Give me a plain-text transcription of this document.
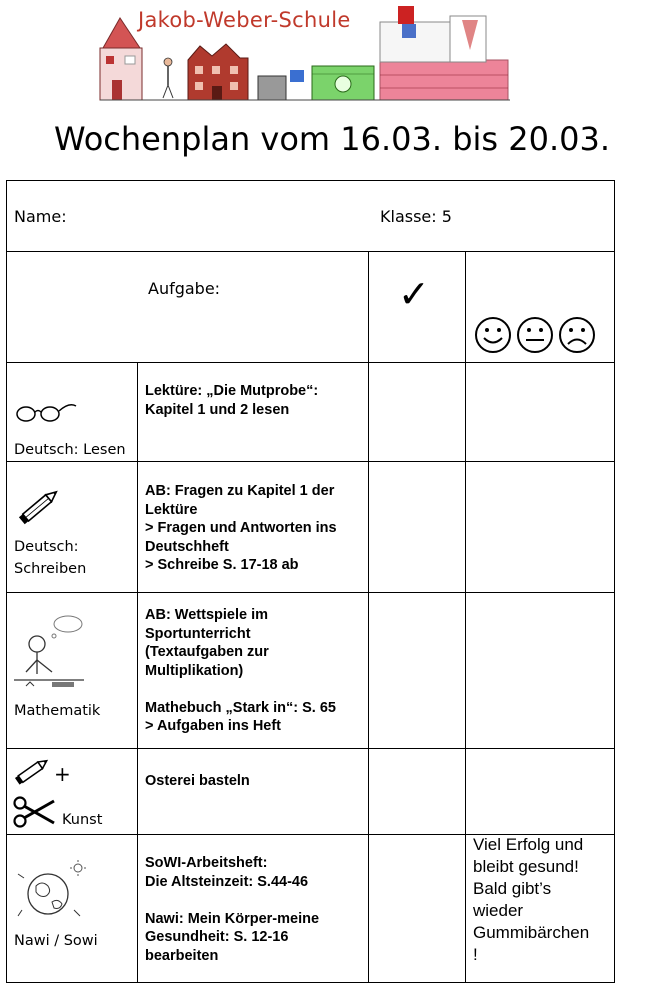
Jakob-Weber-Schule
Wochenplan vom 16.03. bis 20.03.
Name:	Klasse: 5
Aufgabe:	✓
Deutsch: Lesen
Lektüre: „Die Mutprobe“:
Kapitel 1 und 2 lesen
Deutsch:
Schreiben
AB: Fragen zu Kapitel 1 der
Lektüre
> Fragen und Antworten ins
Deutschheft
> Schreibe S. 17-18 ab
Mathematik
AB: Wettspiele im
Sportunterricht
(Textaufgaben zur
Multiplikation)

Mathebuch „Stark in“: S. 65
> Aufgaben ins Heft
+
Kunst
Osterei basteln
Nawi / Sowi
SoWI-Arbeitsheft:
Die Altsteinzeit: S.44-46

Nawi: Mein Körper-meine
Gesundheit: S. 12-16
bearbeiten
Viel Erfolg und
bleibt gesund!
Bald gibt’s
wieder
Gummibärchen
!
